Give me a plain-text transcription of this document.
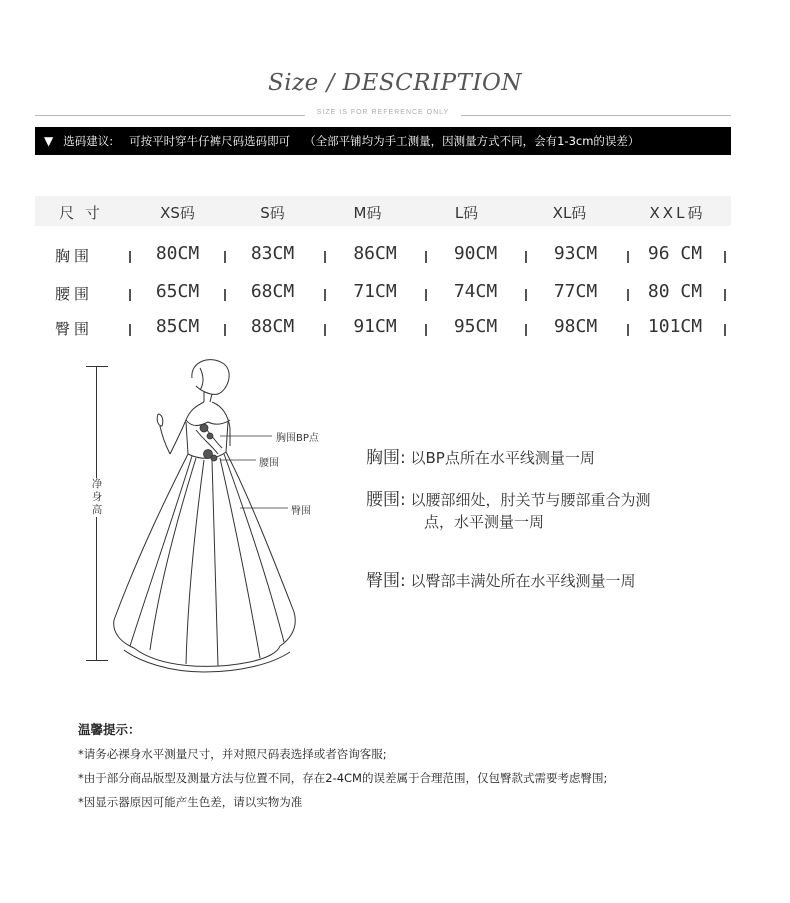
Size / DESCRIPTION
SIZE IS FOR REFERENCE ONLY
▼ 选码建议: 可按平时穿牛仔裤尺码选码即可 （全部平铺均为手工测量，因测量方式不同，会有1-3cm的误差）
尺 寸	XS码	S码	M码	L码	XL码	XXL码
胸围	80CM	83CM	86CM	90CM	93CM	96 CM
腰围	65CM	68CM	71CM	74CM	77CM	80 CM
臀围	85CM	88CM	91CM	95CM	98CM	101CM
净身高
胸围BP点
腰围
臀围
胸围: 以BP点所在水平线测量一周
腰围: 以腰部细处，肘关节与腰部重合为测
点，水平测量一周
臀围: 以臀部丰满处所在水平线测量一周
温馨提示：
*请务必裸身水平测量尺寸，并对照尺码表选择或者咨询客服;
*由于部分商品版型及测量方法与位置不同，存在2-4CM的误差属于合理范围，仅包臀款式需要考虑臀围;
*因显示器原因可能产生色差，请以实物为准
